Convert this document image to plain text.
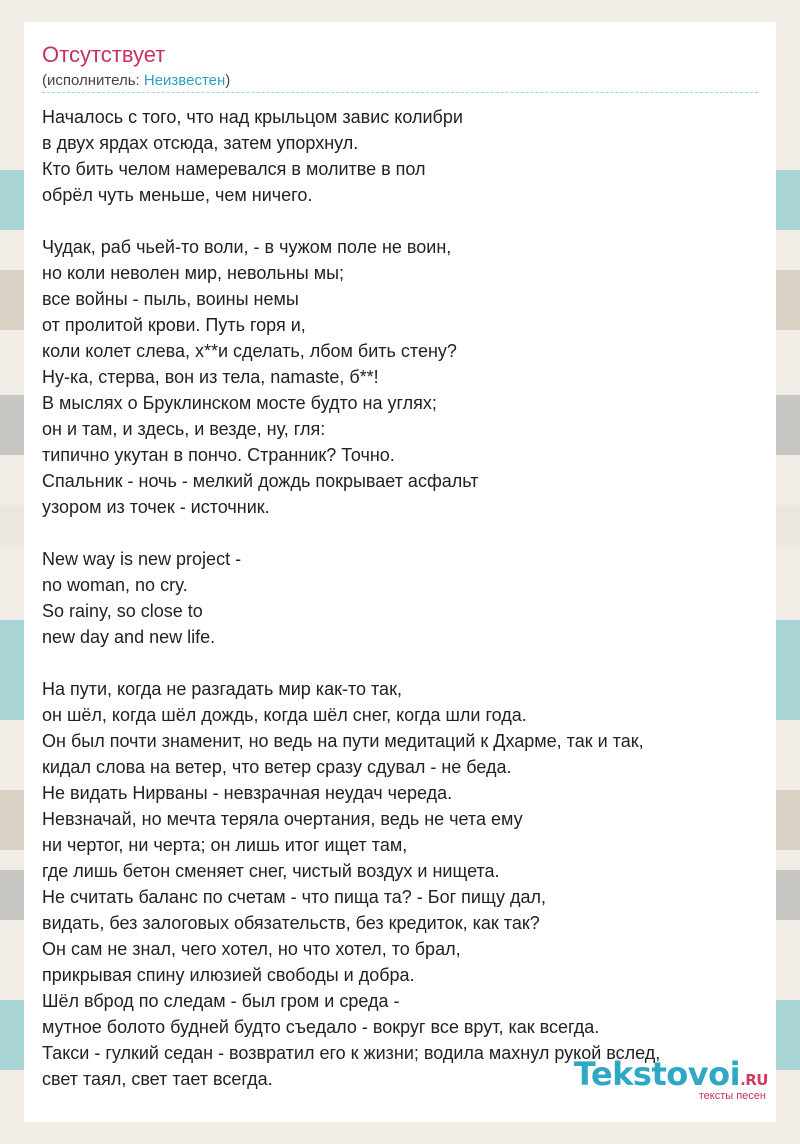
Отсутствует
(исполнитель: Неизвестен)
Началось с того, что над крыльцом завис колибри
в двух ярдах отсюда, затем упорхнул.
Кто бить челом намеревался в молитве в пол
обрёл чуть меньше, чем ничего.
Чудак, раб чьей-то воли, - в чужом поле не воин,
но коли неволен мир, невольны мы;
все войны - пыль, воины немы
от пролитой крови. Путь горя и,
коли колет слева, х**и сделать, лбом бить стену?
Ну-ка, стерва, вон из тела, namaste, б**!
В мыслях о Бруклинском мосте будто на углях;
он и там, и здесь, и везде, ну, гля:
типично укутан в пончо. Странник? Точно.
Спальник - ночь - мелкий дождь покрывает асфальт
узором из точек - источник.
New way is new project -
no woman, no cry.
So rainy, so close to
new day and new life.
На пути, когда не разгадать мир как-то так,
он шёл, когда шёл дождь, когда шёл снег, когда шли года.
Он был почти знаменит, но ведь на пути медитаций к Дхарме, так и так,
кидал слова на ветер, что ветер сразу сдувал - не беда.
Не видать Нирваны - невзрачная неудач череда.
Невзначай, но мечта теряла очертания, ведь не чета ему
ни чертог, ни черта; он лишь итог ищет там,
где лишь бетон сменяет снег, чистый воздух и нищета.
Не считать баланс по счетам - что пища та? - Бог пищу дал,
видать, без залоговых обязательств, без кредиток, как так?
Он сам не знал, чего хотел, но что хотел, то брал,
прикрывая спину илюзией свободы и добра.
Шёл вброд по следам - был гром и среда -
мутное болото будней будто съедало - вокруг все врут, как всегда.
Такси - гулкий седан - возвратил его к жизни; водила махнул рукой вслед,
свет таял, свет тает всегда.	Tekstovoi.RU
тексты песен
